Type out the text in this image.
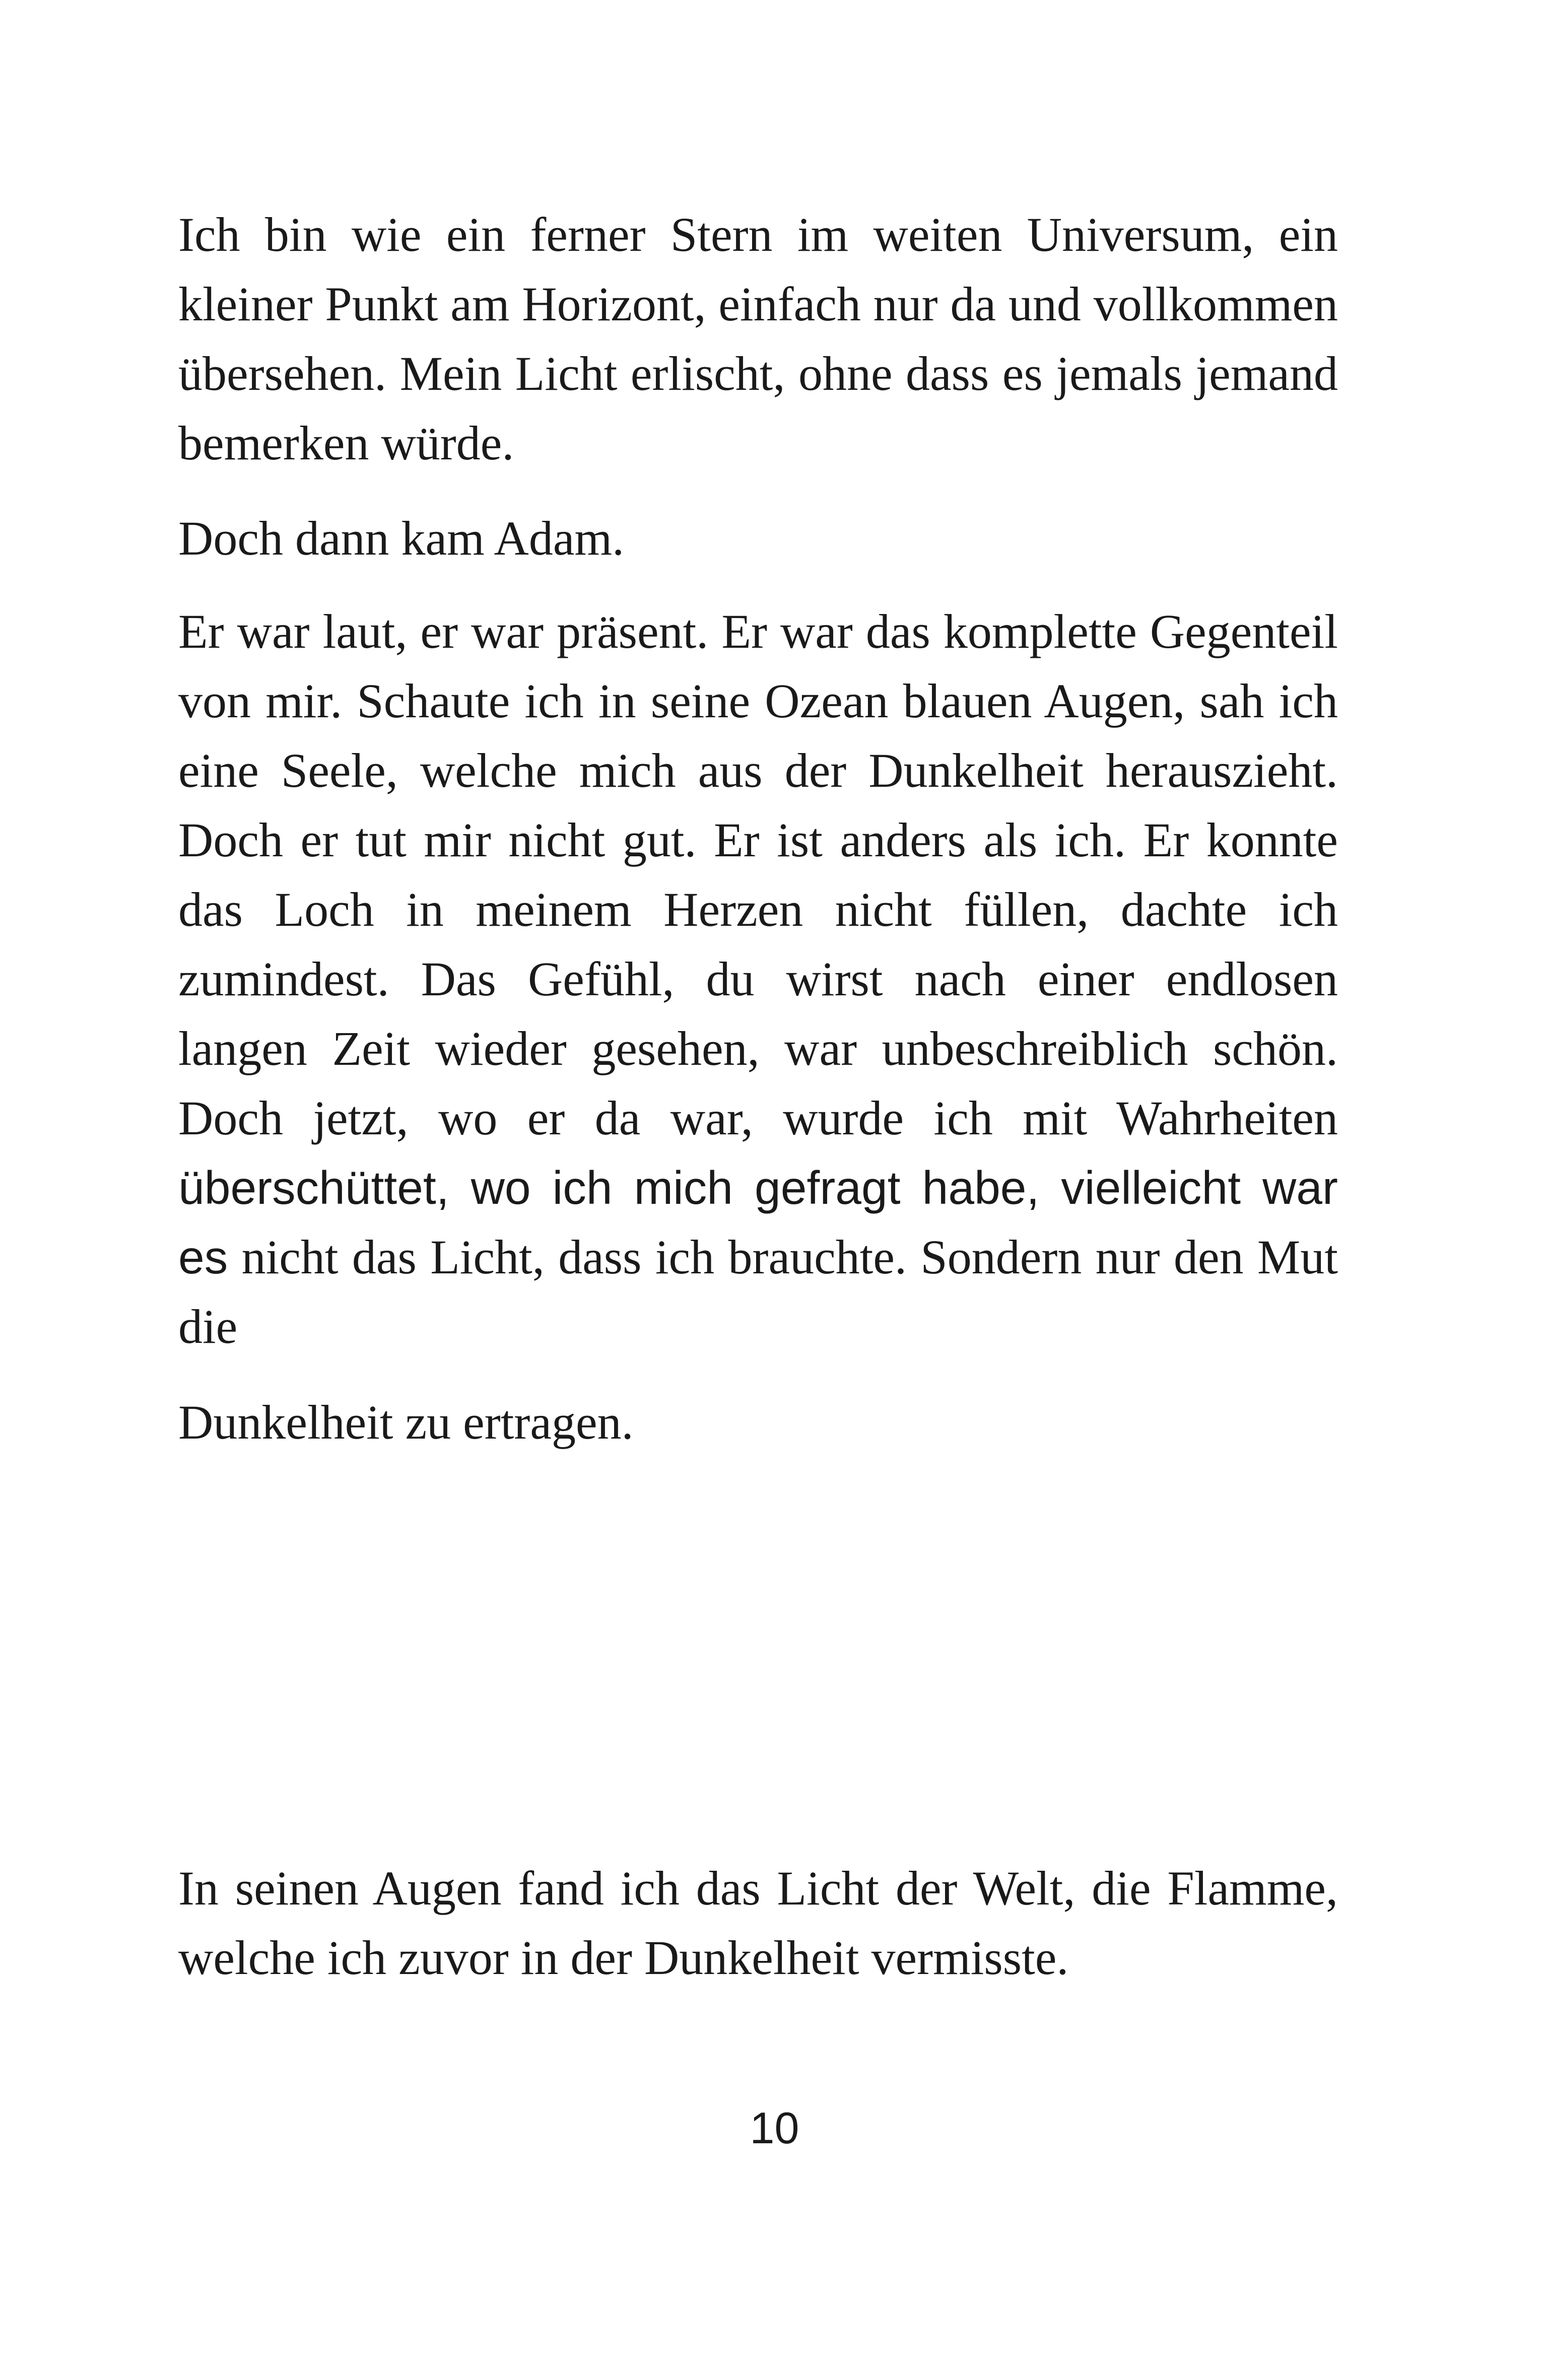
Ich bin wie ein ferner Stern im weiten Universum, ein kleiner Punkt am Horizont, einfach nur da und vollkommen übersehen. Mein Licht erlischt, ohne dass es jemals jemand bemerken würde.

Doch dann kam Adam.

Er war laut, er war präsent. Er war das komplette Gegenteil von mir. Schaute ich in seine Ozean blauen Augen, sah ich eine Seele, welche mich aus der Dunkelheit herauszieht. Doch er tut mir nicht gut. Er ist anders als ich. Er konnte das Loch in meinem Herzen nicht füllen, dachte ich zumindest. Das Gefühl, du wirst nach einer endlosen langen Zeit wieder gesehen, war unbeschreiblich schön. Doch jetzt, wo er da war, wurde ich mit Wahrheiten überschüttet, wo ich mich gefragt habe, vielleicht war es nicht das Licht, dass ich brauchte. Sondern nur den Mut die

Dunkelheit zu ertragen.

In seinen Augen fand ich das Licht der Welt, die Flamme, welche ich zuvor in der Dunkelheit vermisste.

10
